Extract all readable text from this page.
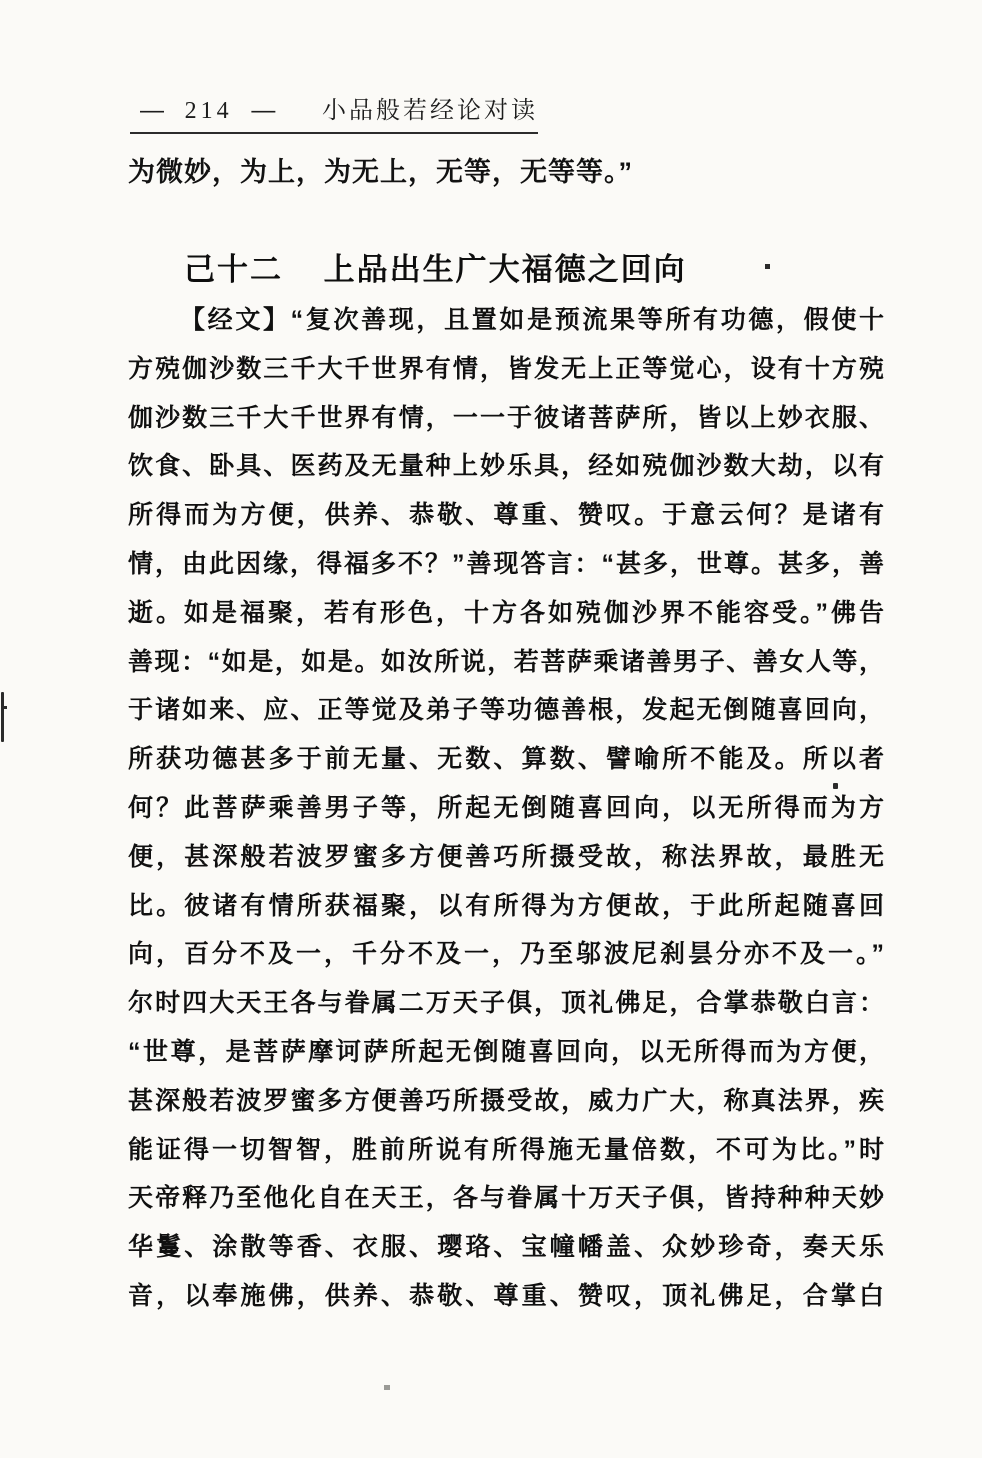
— 214 — 小品般若经论对读
为微妙，为上，为无上，无等，无等等。”
己十二 上品出生广大福德之回向
【经文】“复次善现，且置如是预流果等所有功德，假使十
方殑伽沙数三千大千世界有情，皆发无上正等觉心，设有十方殑
伽沙数三千大千世界有情，一一于彼诸菩萨所，皆以上妙衣服、
饮食、卧具、医药及无量种上妙乐具，经如殑伽沙数大劫，以有
所得而为方便，供养、恭敬、尊重、赞叹。于意云何？是诸有
情，由此因缘，得福多不？”善现答言：“甚多，世尊。甚多，善
逝。如是福聚，若有形色，十方各如殑伽沙界不能容受。”佛告
善现：“如是，如是。如汝所说，若菩萨乘诸善男子、善女人等，
于诸如来、应、正等觉及弟子等功德善根，发起无倒随喜回向，
所获功德甚多于前无量、无数、算数、譬喻所不能及。所以者
何？此菩萨乘善男子等，所起无倒随喜回向，以无所得而为方
便，甚深般若波罗蜜多方便善巧所摄受故，称法界故，最胜无
比。彼诸有情所获福聚，以有所得为方便故，于此所起随喜回
向，百分不及一，千分不及一，乃至邬波尼刹昙分亦不及一。”
尔时四大天王各与眷属二万天子俱，顶礼佛足，合掌恭敬白言：
“世尊，是菩萨摩诃萨所起无倒随喜回向，以无所得而为方便，
甚深般若波罗蜜多方便善巧所摄受故，威力广大，称真法界，疾
能证得一切智智，胜前所说有所得施无量倍数，不可为比。”时
天帝释乃至他化自在天王，各与眷属十万天子俱，皆持种种天妙
华鬘、涂散等香、衣服、璎珞、宝幢幡盖、众妙珍奇，奏天乐
音，以奉施佛，供养、恭敬、尊重、赞叹，顶礼佛足，合掌白
